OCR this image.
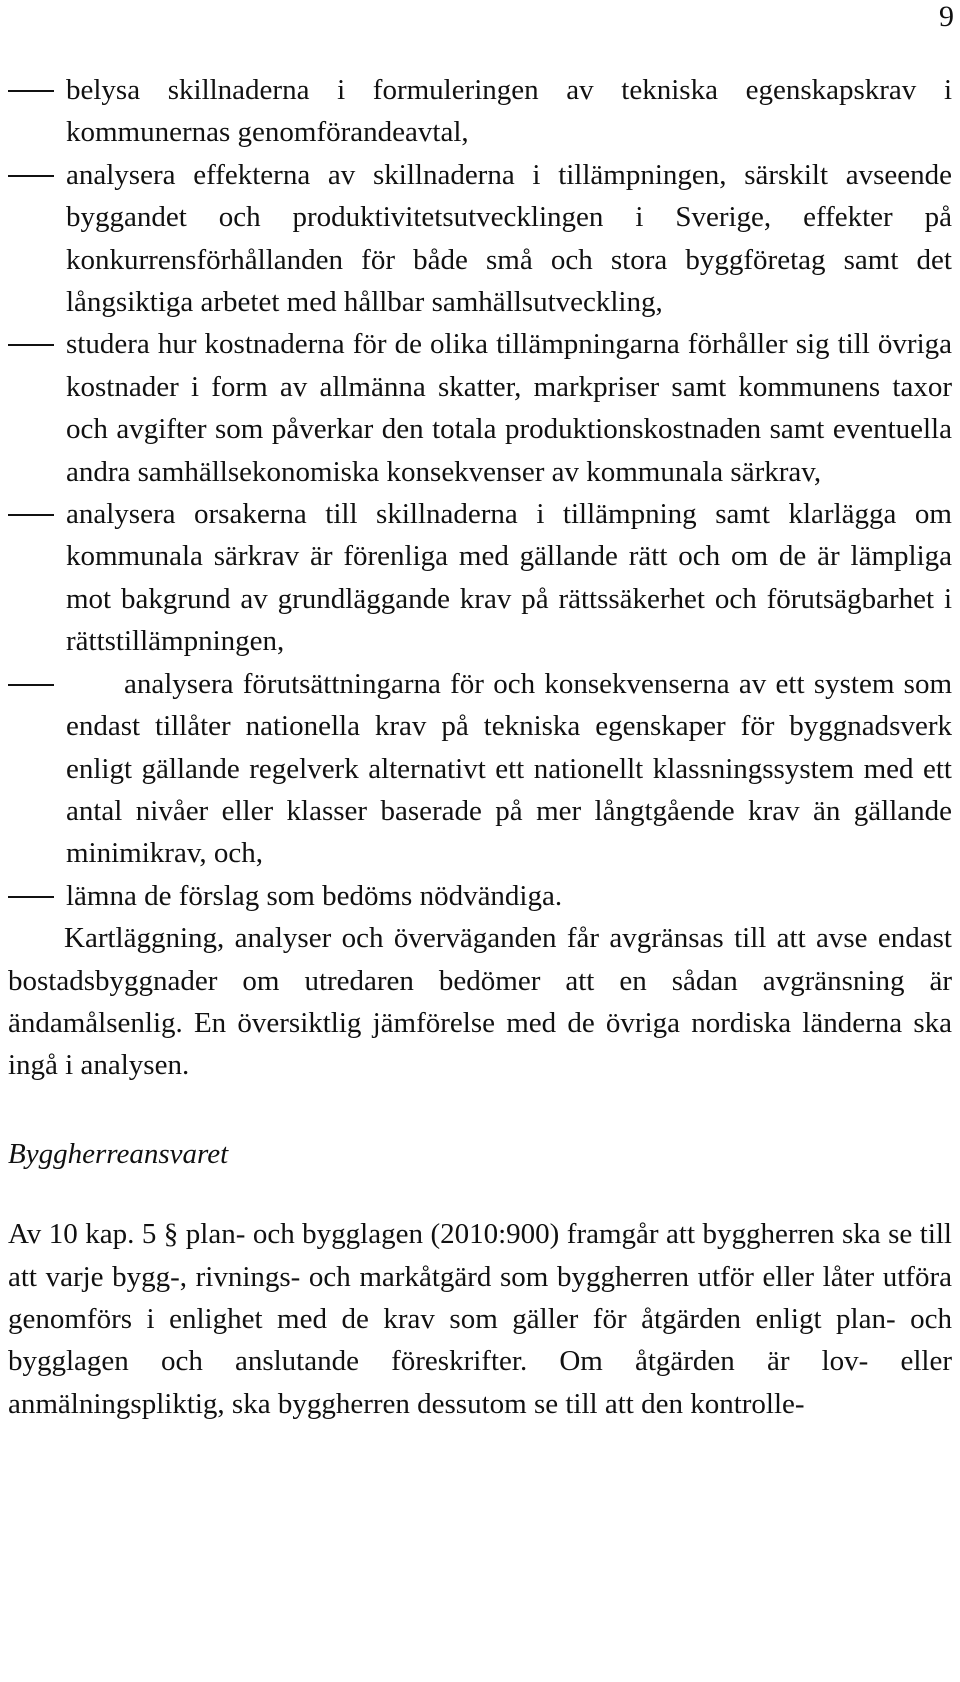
9
belysa skillnaderna i formuleringen av tekniska egenskapskrav i kommunernas genomförandeavtal,
analysera effekterna av skillnaderna i tillämpningen, särskilt avseende byggandet och produktivitetsutvecklingen i Sverige, effekter på konkurrensförhållanden för både små och stora byggföretag samt det långsiktiga arbetet med hållbar samhällsutveckling,
studera hur kostnaderna för de olika tillämpningarna förhåller sig till övriga kostnader i form av allmänna skatter, markpriser samt kommunens taxor och avgifter som påverkar den totala produktionskostnaden samt eventuella andra samhällsekonomiska konsekvenser av kommunala särkrav,
analysera orsakerna till skillnaderna i tillämpning samt klarlägga om kommunala särkrav är förenliga med gällande rätt och om de är lämpliga mot bakgrund av grundläggande krav på rättssäkerhet och förutsägbarhet i rättstillämpningen,
analysera förutsättningarna för och konsekvenserna av ett system som endast tillåter nationella krav på tekniska egenskaper för byggnadsverk enligt gällande regelverk alternativt ett nationellt klassningssystem med ett antal nivåer eller klasser baserade på mer långtgående krav än gällande minimikrav, och,
lämna de förslag som bedöms nödvändiga.

Kartläggning, analyser och överväganden får avgränsas till att avse endast bostadsbyggnader om utredaren bedömer att en sådan avgränsning är ändamålsenlig. En översiktlig jämförelse med de övriga nordiska länderna ska ingå i analysen.

Byggherreansvaret

Av 10 kap. 5 § plan- och bygglagen (2010:900) framgår att byggherren ska se till att varje bygg-, rivnings- och markåtgärd som byggherren utför eller låter utföra genomförs i enlighet med de krav som gäller för åtgärden enligt plan- och bygglagen och anslutande föreskrifter. Om åtgärden är lov- eller anmälningspliktig, ska byggherren dessutom se till att den kontrolle-
